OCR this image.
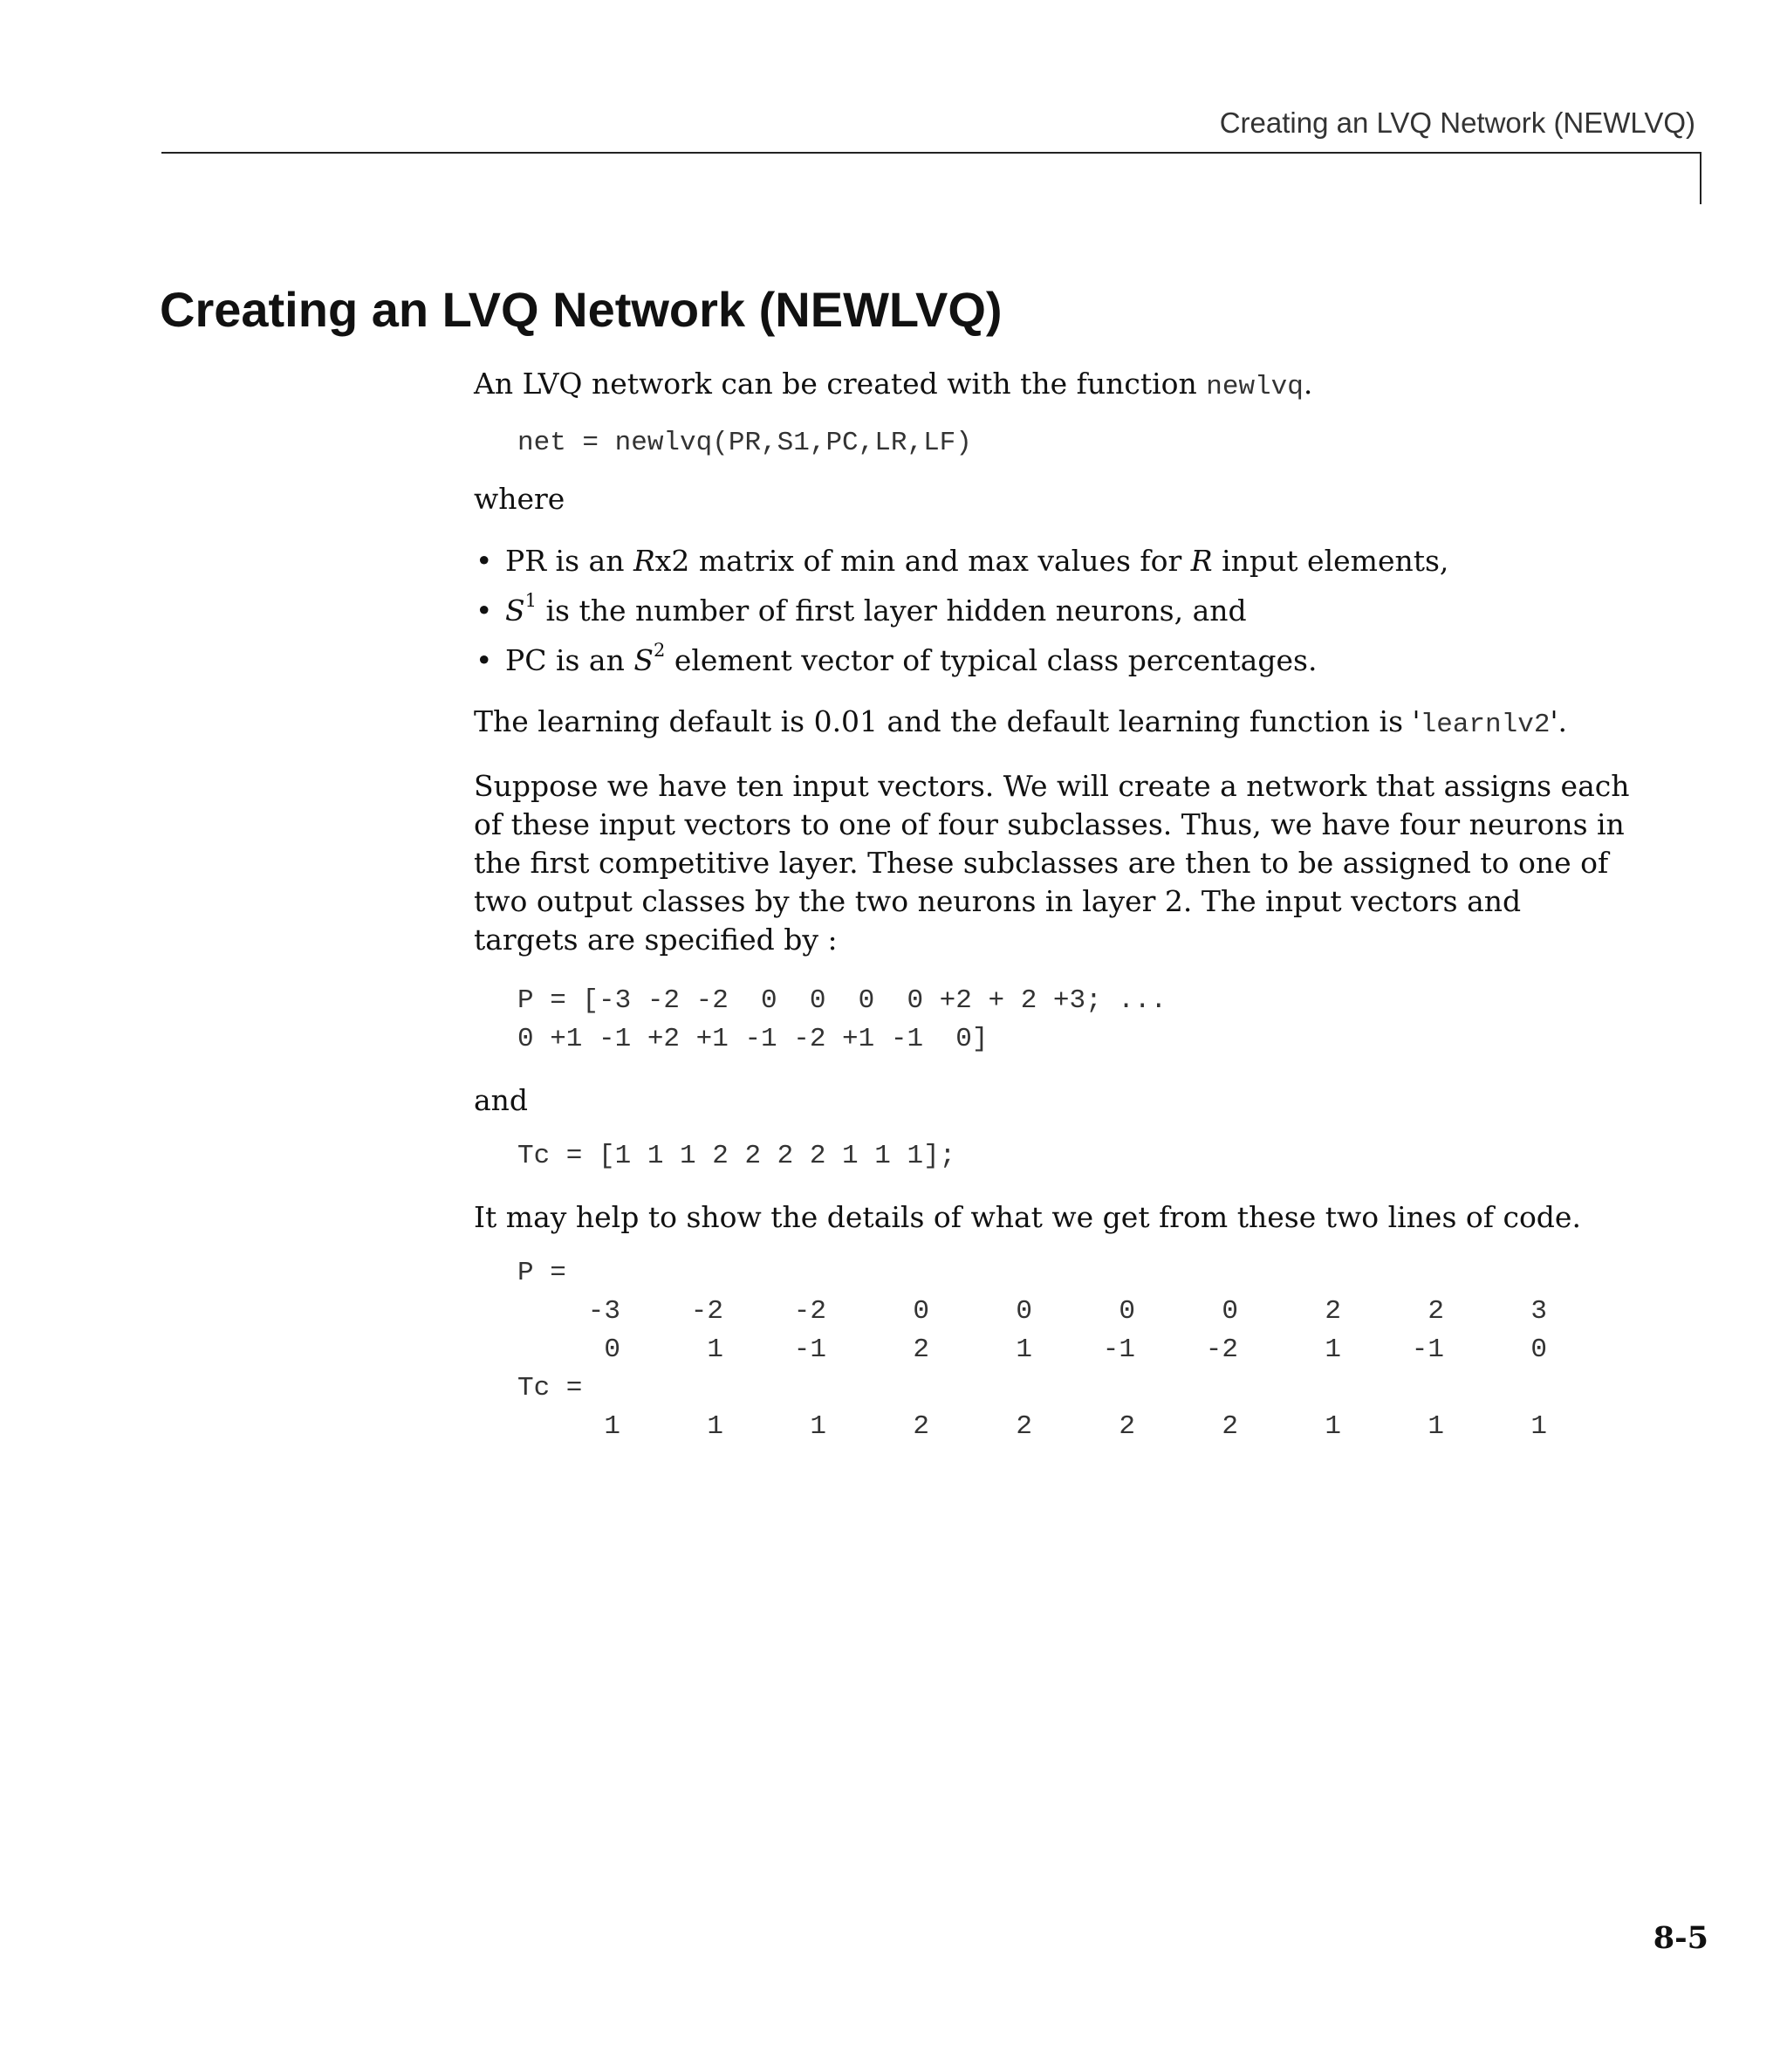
Creating an LVQ Network (NEWLVQ)
Creating an LVQ Network (NEWLVQ)

An LVQ network can be created with the function newlvq.

net = newlvq(PR,S1,PC,LR,LF)

where

• PR is an Rx2 matrix of min and max values for R input elements,
• $S^1$ is the number of first layer hidden neurons, and
• PC is an $S^2$ element vector of typical class percentages.

The learning default is 0.01 and the default learning function is 'learnlv2'.

Suppose we have ten input vectors. We will create a network that assigns each of these input vectors to one of four subclasses. Thus, we have four neurons in the first competitive layer. These subclasses are then to be assigned to one of two output classes by the two neurons in layer 2. The input vectors and targets are specified by :

P = [-3 -2 -2  0  0  0  0 +2 + 2 +3; ...
0 +1 -1 +2 +1 -1 -2 +1 -1  0]

and

Tc = [1 1 1 2 2 2 2 1 1 1];

It may help to show the details of what we get from these two lines of code.

P =									
-3	-2	-2	0	0	0	0	2	2	3
0	1	-1	2	1	-1	-2	1	-1	0
Tc =									
1	1	1	2	2	2	2	1	1	1
8-5
